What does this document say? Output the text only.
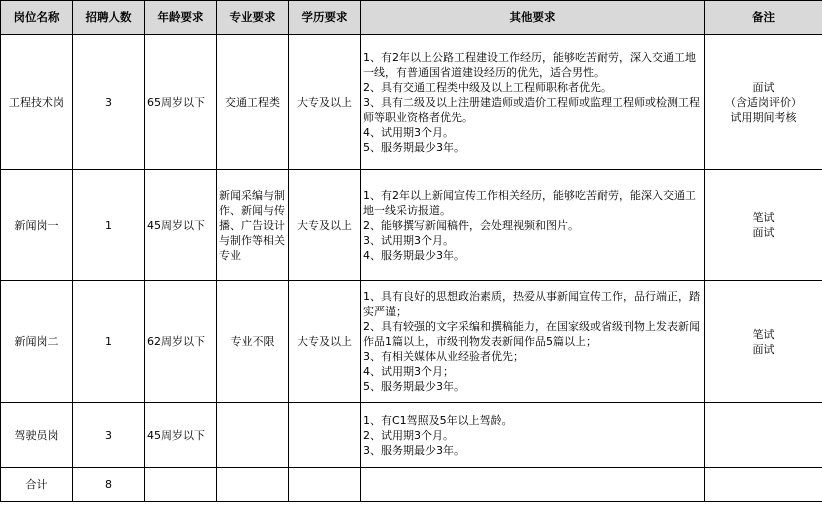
岗位名称	招聘人数	年龄要求	专业要求	学历要求	其他要求	备注
工程技术岗	3	65周岁以下	交通工程类	大专及以上	1、有2年以上公路工程建设工作经历，能够吃苦耐劳，深入交通工地一线，有普通国省道建设经历的优先，适合男性。
2、具有交通工程类中级及以上工程师职称者优先。
3、具有二级及以上注册建造师或造价工程师或监理工程师或检测工程师等职业资格者优先。
4、试用期3个月。
5、服务期最少3年。	面试
（含适岗评价）
试用期间考核

新闻岗一	1	45周岁以下	新闻采编与制作、新闻与传播、广告设计与制作等相关专业	大专及以上	1、有2年以上新闻宣传工作相关经历，能够吃苦耐劳，能深入交通工地一线采访报道。
2、能够撰写新闻稿件，会处理视频和图片。
3、试用期3个月。
4、服务期最少3年。	笔试
面试

新闻岗二	1	62周岁以下	专业不限	大专及以上	1、具有良好的思想政治素质，热爱从事新闻宣传工作，品行端正，踏实严谨；
2、具有较强的文字采编和撰稿能力，在国家级或省级刊物上发表新闻作品1篇以上，市级刊物发表新闻作品5篇以上；
3、有相关媒体从业经验者优先；
4、试用期3个月；
5、服务期最少3年。	笔试
面试

驾驶员岗	3	45周岁以下			1、有C1驾照及5年以上驾龄。
2、试用期3个月。
3、服务期最少3年。	

合计	8					
